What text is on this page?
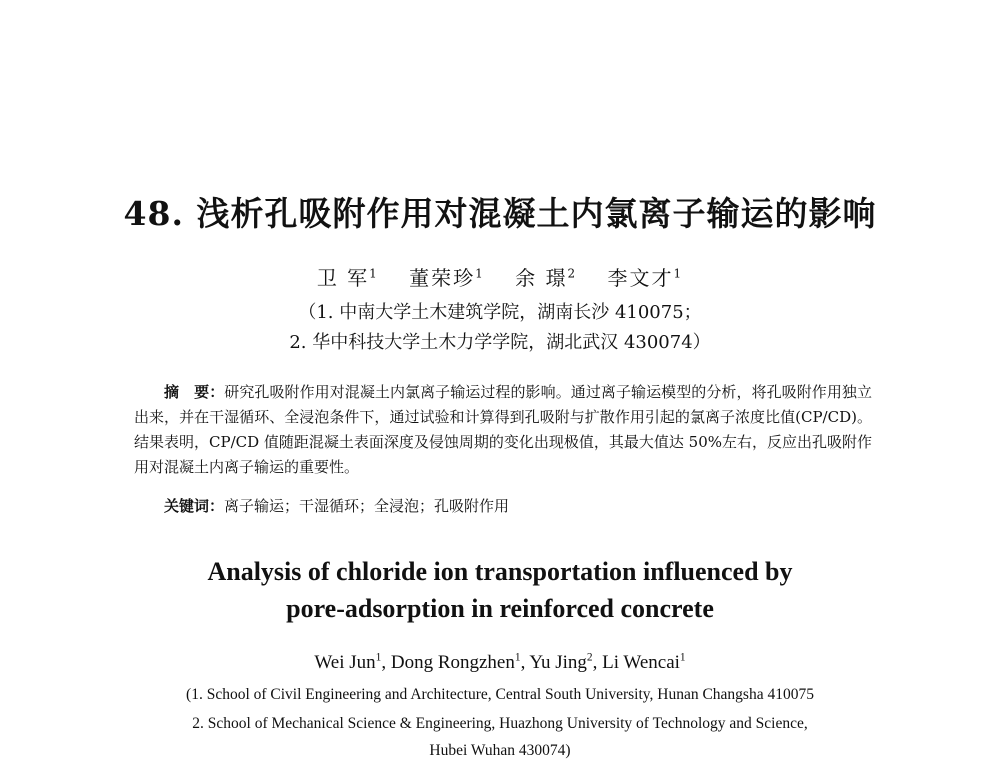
48. 浅析孔吸附作用对混凝土内氯离子输运的影响
卫 军$^1$ 董荣珍$^1$ 余 璟$^2$ 李文才$^1$
（1. 中南大学土木建筑学院，湖南长沙 410075；
2. 华中科技大学土木力学学院，湖北武汉 430074）

摘　要：研究孔吸附作用对混凝土内氯离子输运过程的影响。通过离子输运模型的分析，将孔吸附作用独立出来，并在干湿循环、全浸泡条件下，通过试验和计算得到孔吸附与扩散作用引起的氯离子浓度比值(CP/CD)。结果表明，CP/CD 值随距混凝土表面深度及侵蚀周期的变化出现极值，其最大值达 50%左右，反应出孔吸附作用对混凝土内离子输运的重要性。

关键词：离子输运；干湿循环；全浸泡；孔吸附作用
Analysis of chloride ion transportation influenced by
pore-adsorption in reinforced concrete
Wei Jun$^1$, Dong Rongzhen$^1$, Yu Jing$^2$, Li Wencai$^1$
(1. School of Civil Engineering and Architecture, Central South University, Hunan Changsha 410075
2. School of Mechanical Science & Engineering, Huazhong University of Technology and Science,
Hubei Wuhan 430074)
